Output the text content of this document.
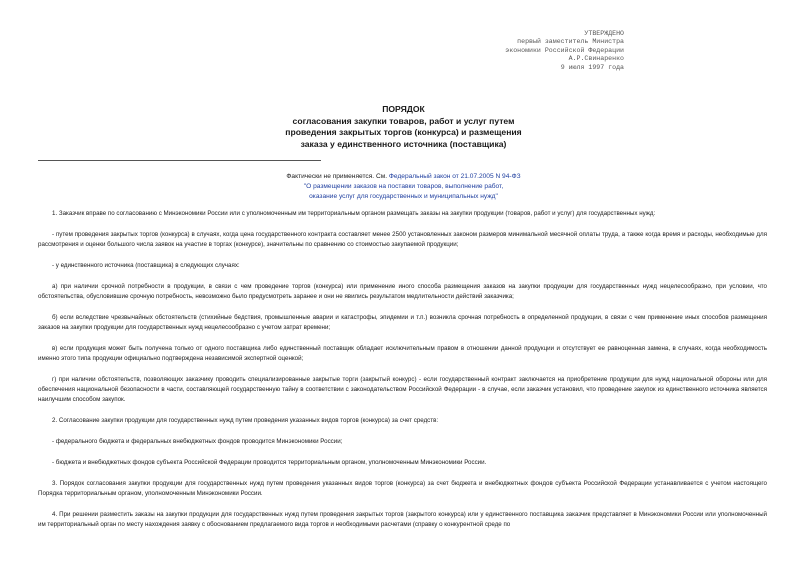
УТВЕРЖДЕНО
первый заместитель Министра
экономики Российской Федерации
А.Р.Свинаренко
9 июля 1997 года
ПОРЯДОК
согласования закупки товаров, работ и услуг путем
проведения закрытых торгов (конкурса) и размещения
заказа у единственного источника (поставщика)
Фактически не применяется. См. Федеральный закон от 21.07.2005 N 94-ФЗ
"О размещении заказов на поставки товаров, выполнение работ,
оказание услуг для государственных и муниципальных нужд"

1. Заказчик вправе по согласованию с Минэкономики России или с уполномоченным им территориальным органом размещать заказы на закупки продукции (товаров, работ и услуг) для государственных нужд:

- путем проведения закрытых торгов (конкурса) в случаях, когда цена государственного контракта составляет менее 2500 установленных законом размеров минимальной месячной оплаты труда, а также когда время и расходы, необходимые для рассмотрения и оценки большого числа заявок на участие в торгах (конкурсе), значительны по сравнению со стоимостью закупаемой продукции;

- у единственного источника (поставщика) в следующих случаях:

а) при наличии срочной потребности в продукции, в связи с чем проведение торгов (конкурса) или применение иного способа размещения заказов на закупки продукции для государственных нужд нецелесообразно, при условии, что обстоятельства, обусловившие срочную потребность, невозможно было предусмотреть заранее и они не явились результатом медлительности действий заказчика;

б) если вследствие чрезвычайных обстоятельств (стихийные бедствия, промышленные аварии и катастрофы, эпидемии и т.п.) возникла срочная потребность в определенной продукции, в связи с чем применение иных способов размещения заказов на закупки продукции для государственных нужд нецелесообразно с учетом затрат времени;

в) если продукция может быть получена только от одного поставщика либо единственный поставщик обладает исключительным правом в отношении данной продукции и отсутствует ее равноценная замена, в случаях, когда необходимость именно этого типа продукции официально подтверждена независимой экспертной оценкой;

г) при наличии обстоятельств, позволяющих заказчику проводить специализированные закрытые торги (закрытый конкурс) - если государственный контракт заключается на приобретение продукции для нужд национальной обороны или для обеспечения национальной безопасности в части, составляющей государственную тайну в соответствии с законодательством Российской Федерации - в случае, если заказчик установил, что проведение закупок из единственного источника является наилучшим способом закупок.

2. Согласование закупки продукции для государственных нужд путем проведения указанных видов торгов (конкурса) за счет средств:

- федерального бюджета и федеральных внебюджетных фондов проводится Минэкономики России;

- бюджета и внебюджетных фондов субъекта Российской Федерации проводится территориальным органом, уполномоченным Минэкономики России.

3. Порядок согласования закупки продукции для государственных нужд путем проведения указанных видов торгов (конкурса) за счет бюджета и внебюджетных фондов субъекта Российской Федерации устанавливается с учетом настоящего Порядка территориальным органом, уполномоченным Минэкономики России.

4. При решении разместить заказы на закупки продукции для государственных нужд путем проведения закрытых торгов (закрытого конкурса) или у единственного поставщика заказчик представляет в Минэкономики России или уполномоченный им территориальный орган по месту нахождения заявку с обоснованием предлагаемого вида торгов и необходимыми расчетами (справку о конкурентной среде по
